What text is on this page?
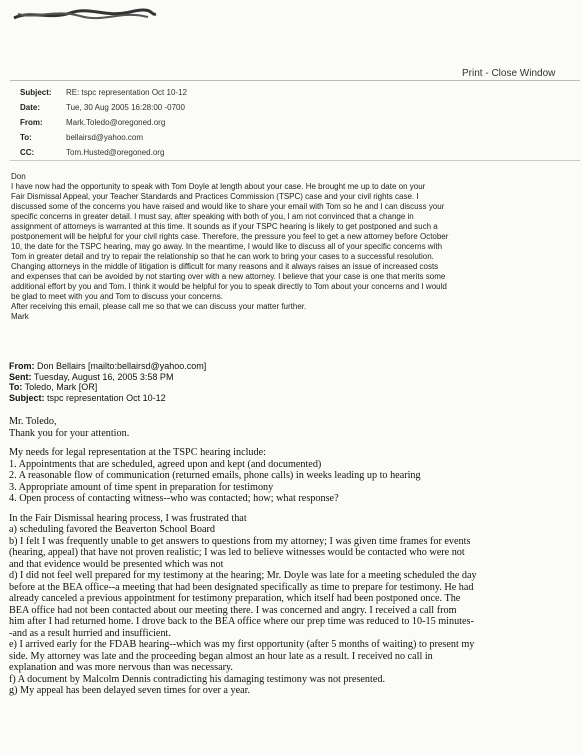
Print - Close Window
Subject:	RE: tspc representation Oct 10-12
Date:	Tue, 30 Aug 2005 16:28:00 -0700
From:	Mark.Toledo@oregoned.org
To:	bellairsd@yahoo.com
CC:	Tom.Husted@oregoned.org

Don

I have now had the opportunity to speak with Tom Doyle at length about your case. He brought me up to date on your

Fair Dismissal Appeal, your Teacher Standards and Practices Commission (TSPC) case and your civil rights case. I

discussed some of the concerns you have raised and would like to share your email with Tom so he and I can discuss your

specific concerns in greater detail. I must say, after speaking with both of you, I am not convinced that a change in

assignment of attorneys is warranted at this time. It sounds as if your TSPC hearing is likely to get postponed and such a

postponement will be helpful for your civil rights case. Therefore, the pressure you feel to get a new attorney before October

10, the date for the TSPC hearing, may go away. In the meantime, I would like to discuss all of your specific concerns with

Tom in greater detail and try to repair the relationship so that he can work to bring your cases to a successful resolution.

Changing attorneys in the middle of litigation is difficult for many reasons and it always raises an issue of increased costs

and expenses that can be avoided by not starting over with a new attorney. I believe that your case is one that merits some

additional effort by you and Tom. I think it would be helpful for you to speak directly to Tom about your concerns and I would

be glad to meet with you and Tom to discuss your concerns.

After receiving this email, please call me so that we can discuss your matter further.

Mark

From: Don Bellairs [mailto:bellairsd@yahoo.com]
Sent: Tuesday, August 16, 2005 3:58 PM
To: Toledo, Mark [OR]
Subject: tspc representation Oct 10-12
Mr. Toledo,
Thank you for your attention.
My needs for legal representation at the TSPC hearing include:
1. Appointments that are scheduled, agreed upon and kept (and documented)
2. A reasonable flow of communication (returned emails, phone calls) in weeks leading up to hearing
3. Appropriate amount of time spent in preparation for testimony
4. Open process of contacting witness--who was contacted; how; what response?
In the Fair Dismissal hearing process, I was frustrated that
a) scheduling favored the Beaverton School Board
b) I felt I was frequently unable to get answers to questions from my attorney; I was given time frames for events
(hearing, appeal) that have not proven realistic; I was led to believe witnesses would be contacted who were not
and that evidence would be presented which was not
d) I did not feel well prepared for my testimony at the hearing; Mr. Doyle was late for a meeting scheduled the day
before at the BEA office--a meeting that had been designated specifically as time to prepare for testimony. He had
already canceled a previous appointment for testimony preparation, which itself had been postponed once. The
BEA office had not been contacted about our meeting there. I was concerned and angry. I received a call from
him after I had returned home. I drove back to the BEA office where our prep time was reduced to 10-15 minutes-
-and as a result hurried and insufficient.
e) I arrived early for the FDAB hearing--which was my first opportunity (after 5 months of waiting) to present my
side. My attorney was late and the proceeding began almost an hour late as a result. I received no call in
explanation and was more nervous than was necessary.
f) A document by Malcolm Dennis contradicting his damaging testimony was not presented.
g) My appeal has been delayed seven times for over a year.
